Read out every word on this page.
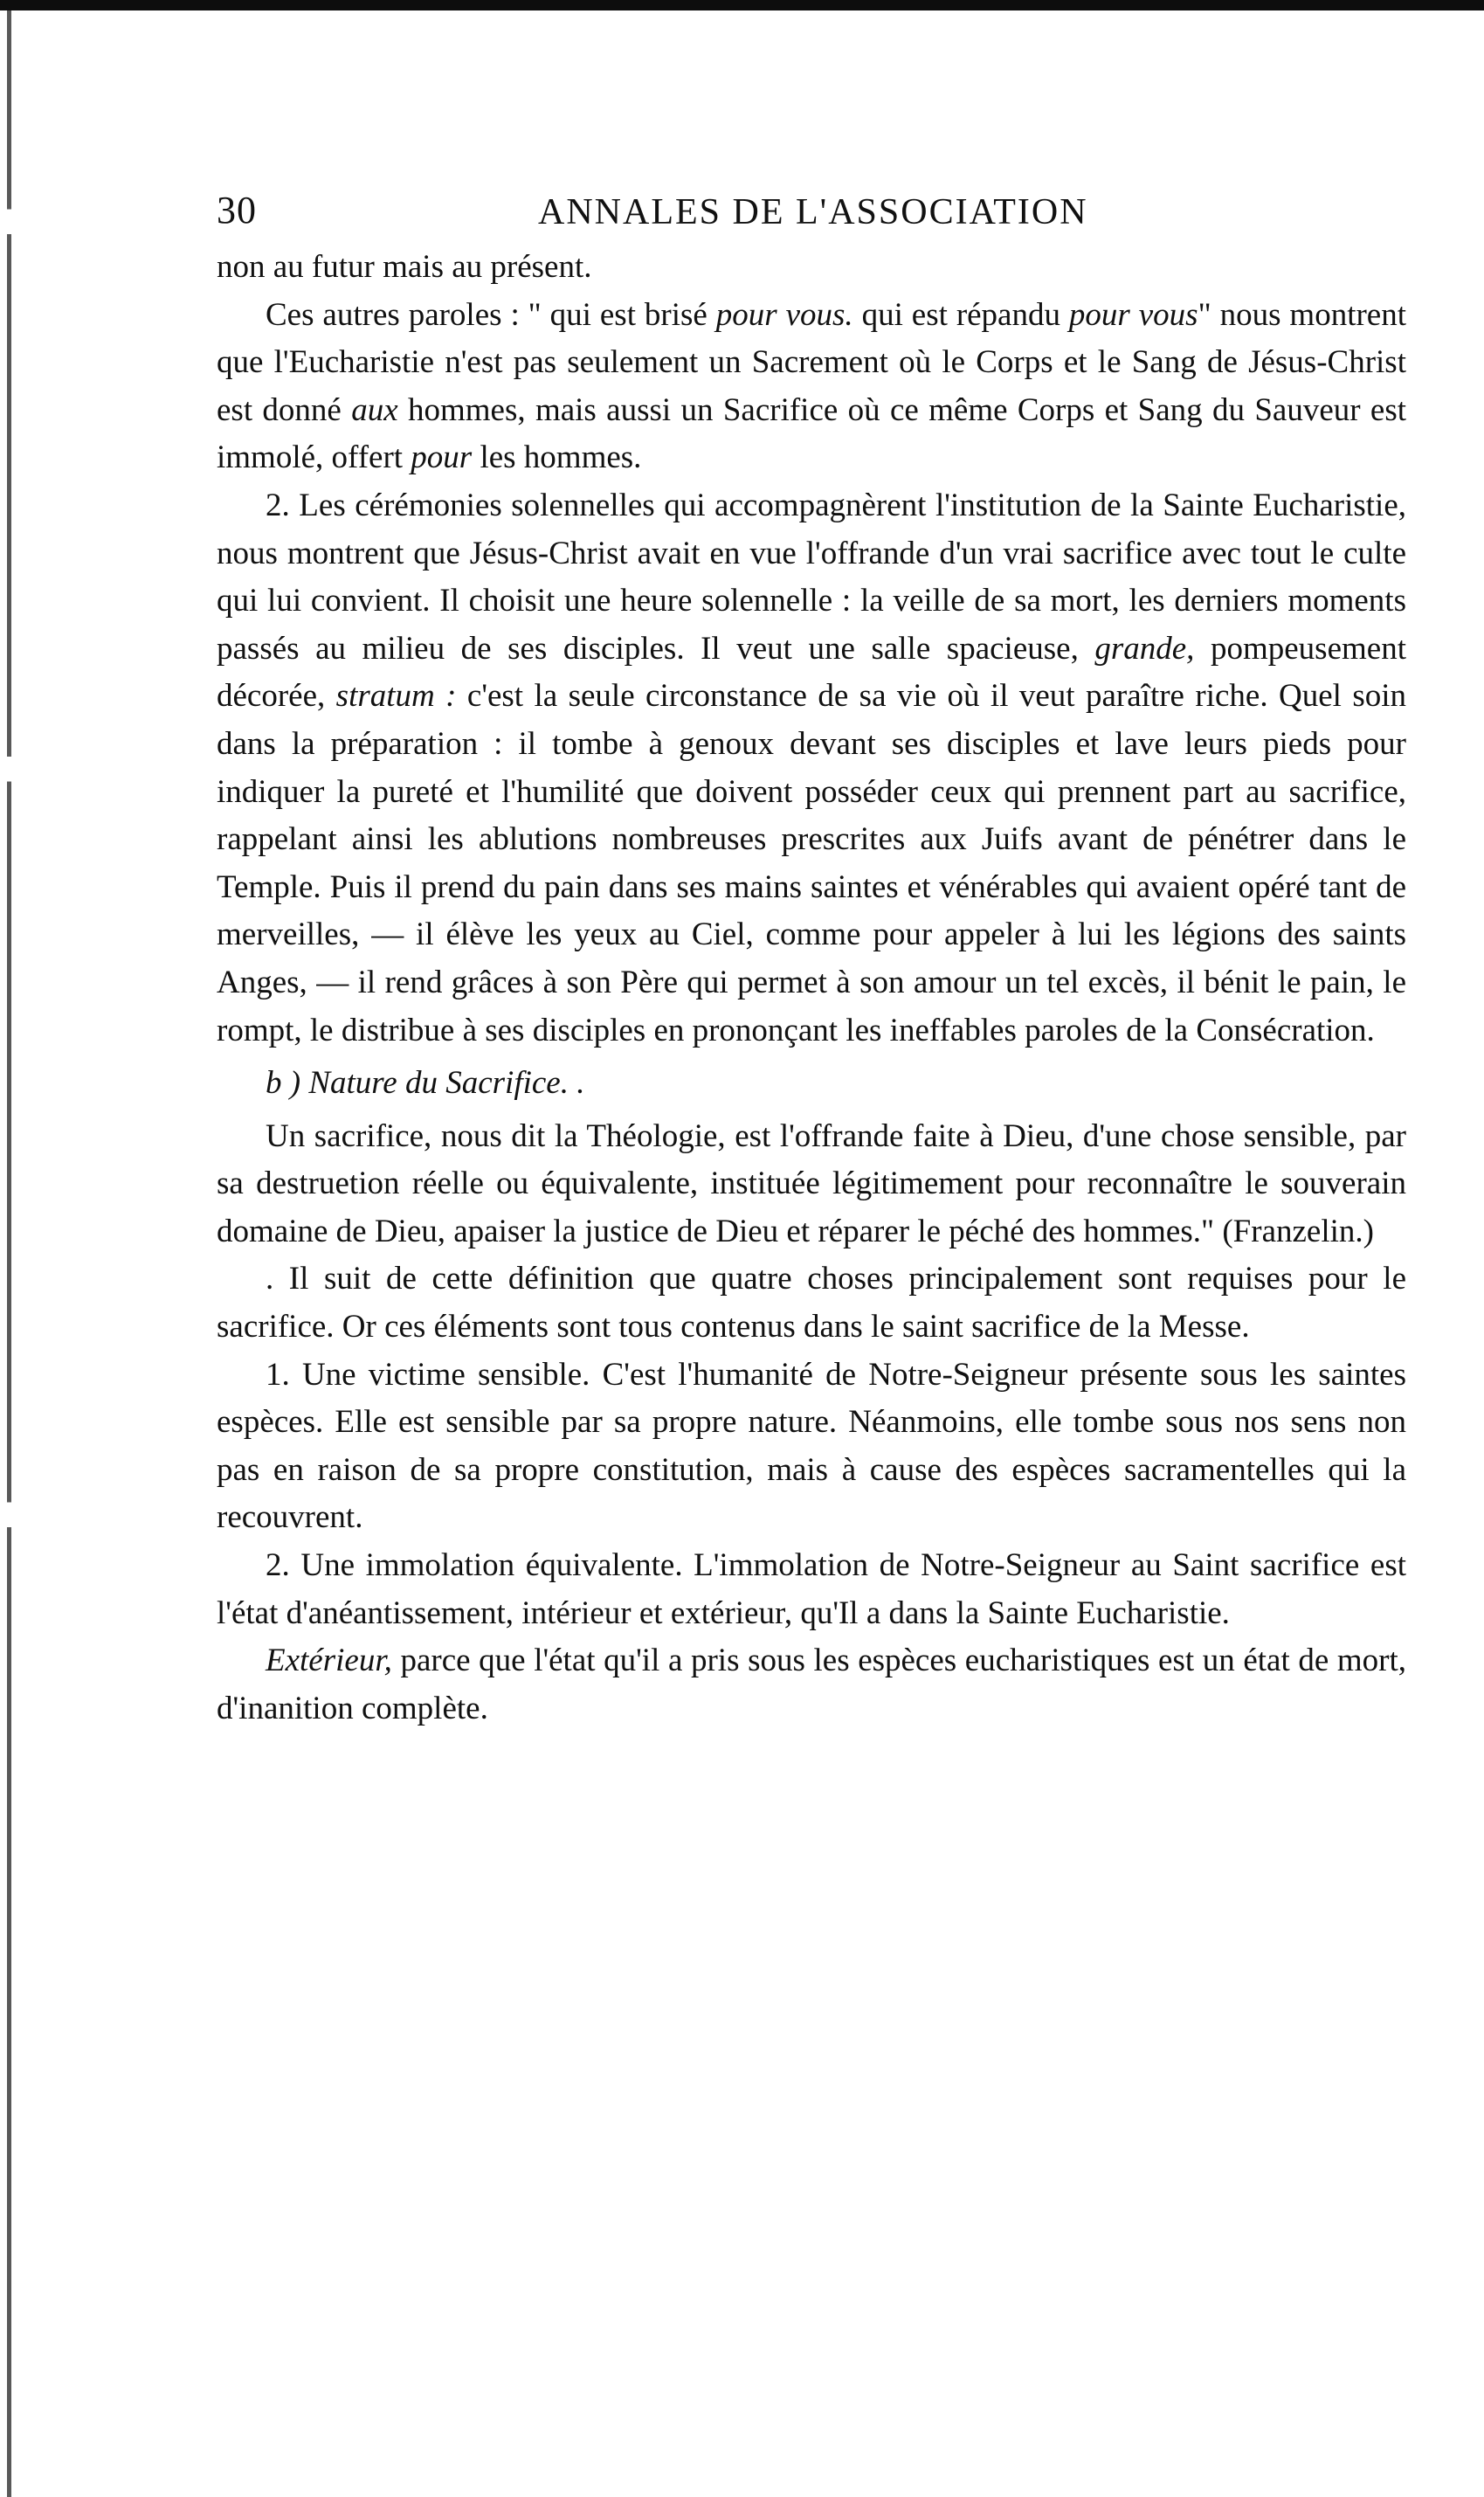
30	ANNALES DE L'ASSOCIATION

non au futur mais au présent.

Ces autres paroles : " qui est brisé pour vous. qui est répandu pour vous" nous montrent que l'Eucharistie n'est pas seulement un Sacrement où le Corps et le Sang de Jésus-Christ est donné aux hommes, mais aussi un Sacrifice où ce même Corps et Sang du Sauveur est immolé, offert pour les hommes.

2. Les cérémonies solennelles qui accompagnèrent l'institution de la Sainte Eucharistie, nous montrent que Jésus-Christ avait en vue l'offrande d'un vrai sacrifice avec tout le culte qui lui convient. Il choisit une heure solennelle : la veille de sa mort, les derniers moments passés au milieu de ses disciples. Il veut une salle spacieuse, grande, pompeusement décorée, stratum : c'est la seule circonstance de sa vie où il veut paraître riche. Quel soin dans la préparation : il tombe à genoux devant ses disciples et lave leurs pieds pour indiquer la pureté et l'humilité que doivent posséder ceux qui prennent part au sacrifice, rappelant ainsi les ablutions nombreuses prescrites aux Juifs avant de pénétrer dans le Temple. Puis il prend du pain dans ses mains saintes et vénérables qui avaient opéré tant de merveilles, — il élève les yeux au Ciel, comme pour appeler à lui les légions des saints Anges, — il rend grâces à son Père qui permet à son amour un tel excès, il bénit le pain, le rompt, le distribue à ses disciples en prononçant les ineffables paroles de la Consécration.

b ) Nature du Sacrifice. .

Un sacrifice, nous dit la Théologie, est l'offrande faite à Dieu, d'une chose sensible, par sa destruetion réelle ou équivalente, instituée légitimement pour reconnaître le souverain domaine de Dieu, apaiser la justice de Dieu et réparer le péché des hommes." (Franzelin.)

. Il suit de cette définition que quatre choses principalement sont requises pour le sacrifice. Or ces éléments sont tous contenus dans le saint sacrifice de la Messe.

1. Une victime sensible. C'est l'humanité de Notre-Seigneur présente sous les saintes espèces. Elle est sensible par sa propre nature. Néanmoins, elle tombe sous nos sens non pas en raison de sa propre constitution, mais à cause des espèces sacramentelles qui la recouvrent.

2. Une immolation équivalente. L'immolation de Notre-Seigneur au Saint sacrifice est l'état d'anéantissement, intérieur et extérieur, qu'Il a dans la Sainte Eucharistie.

Extérieur, parce que l'état qu'il a pris sous les espèces eucharistiques est un état de mort, d'inanition complète.
